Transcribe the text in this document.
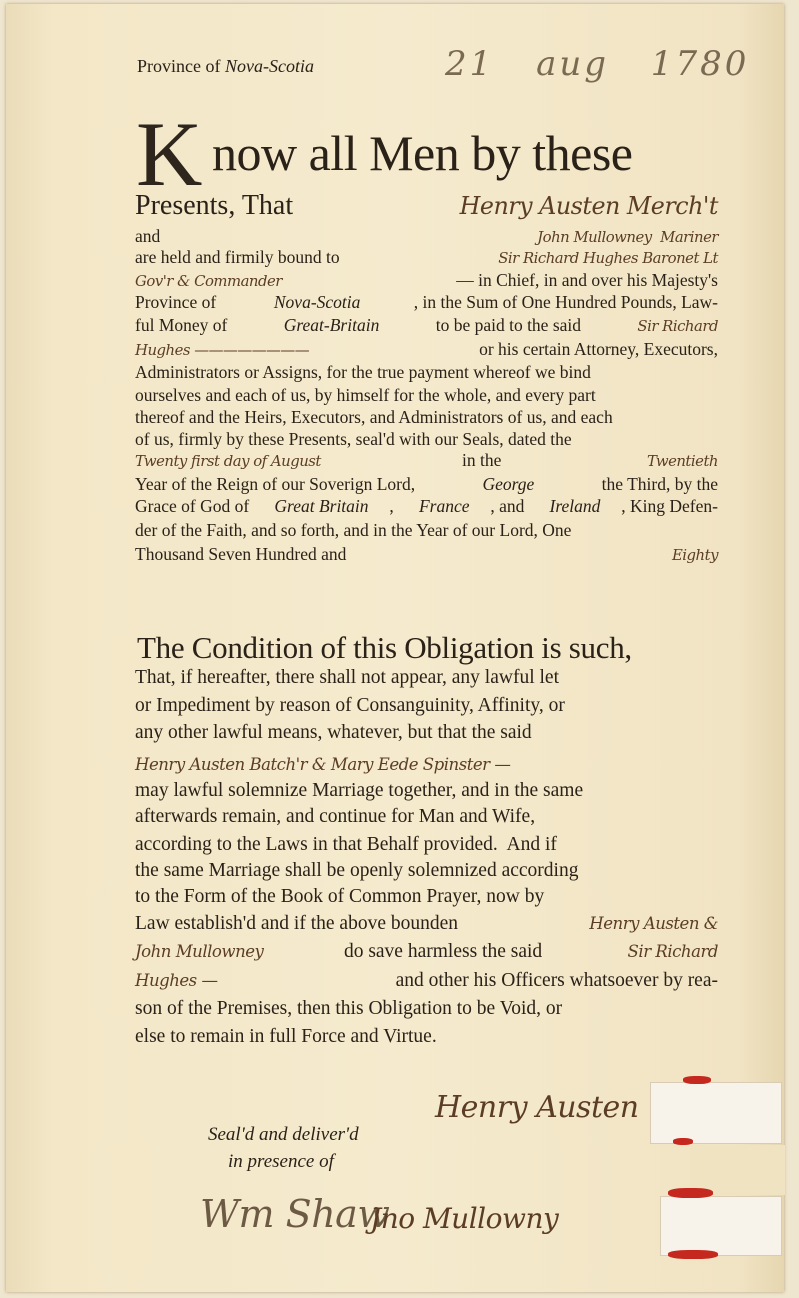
Province of Nova-Scotia	21 aug 1780
K now all Men by these
Presents, That	Henry Austen Merch't
and	John Mullowney  Mariner
are held and firmily bound to	Sir Richard Hughes Baronet Lt
Gov'r & Commander	— in Chief, in and over his Majesty's
Province of	Nova-Scotia	, in the Sum of One Hundred Pounds, Law-
ful Money of	Great-Britain	to be paid to the said	Sir Richard
Hughes ————————	or his certain Attorney, Executors,
Administrators or Assigns, for the true payment whereof we bind
ourselves and each of us, by himself for the whole, and every part
thereof and the Heirs, Executors, and Administrators of us, and each
of us, firmly by these Presents, seal'd with our Seals, dated the
Twenty first day of August	in the	Twentieth
Year of the Reign of our Soverign Lord,	George	the Third, by the
Grace of God of Great Britain , France , and Ireland , King Defen-
der of the Faith, and so forth, and in the Year of our Lord, One
Thousand Seven Hundred and	Eighty
The Condition of this Obligation is such,
That, if hereafter, there shall not appear, any lawful let
or Impediment by reason of Consanguinity, Affinity, or
any other lawful means, whatever, but that the said
Henry Austen Batch'r & Mary Eede Spinster —
may lawful solemnize Marriage together, and in the same
afterwards remain, and continue for Man and Wife,
according to the Laws in that Behalf provided.  And if
the same Marriage shall be openly solemnized according
to the Form of the Book of Common Prayer, now by
Law establish'd and if the above bounden	Henry Austen &
John Mullowney	do save harmless the said	Sir Richard
Hughes —	and other his Officers whatsoever by rea-
son of the Premises, then this Obligation to be Void, or
else to remain in full Force and Virtue.
Seal'd and deliver'd
in presence of
Henry Austen
Wm Shaw
Jno Mullowny
